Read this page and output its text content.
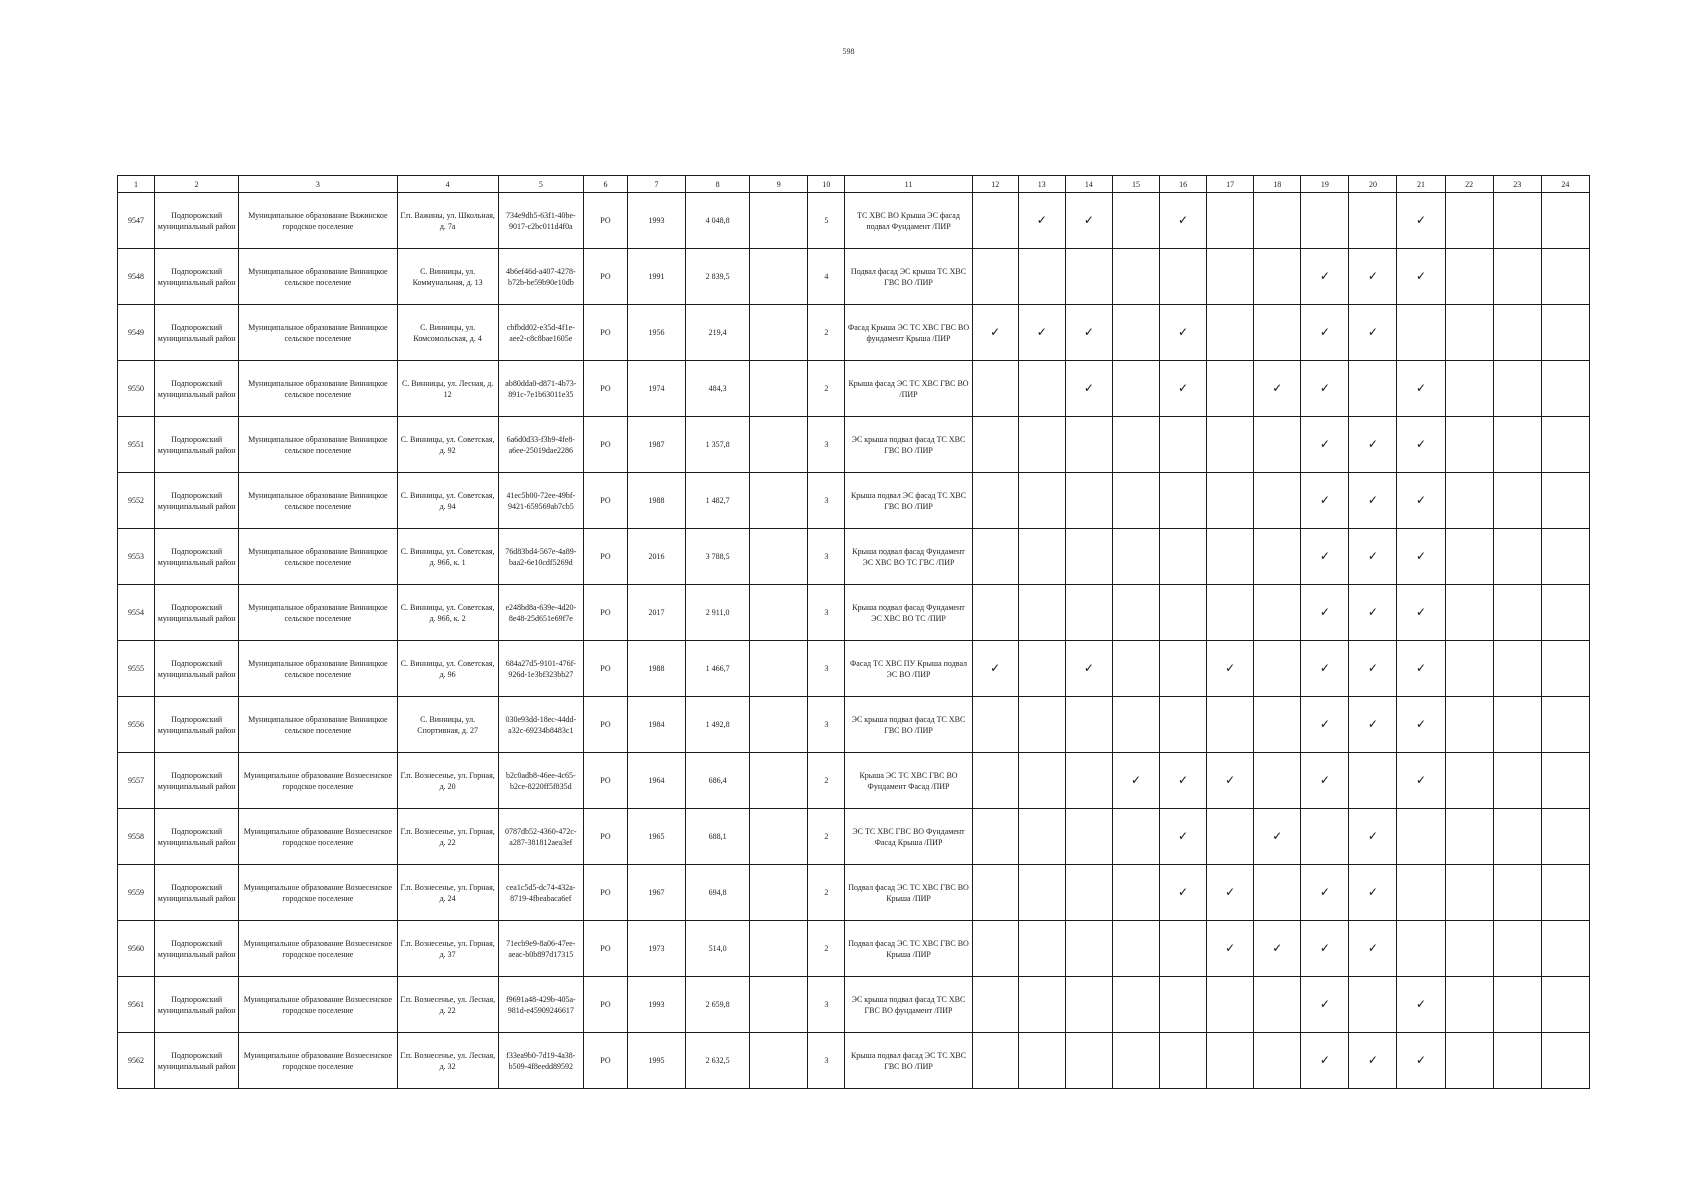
598
1	2	3	4	5	6	7	8	9	10	11	12	13	14	15	16	17	18	19	20	21	22	23	24
9547	Подпорожский муниципальный район	Муниципальное образование Важинское городское поселение	Г.п. Важины, ул. Школьная, д. 7а	734e9db5-63f1-40be-9017-c2bc011d4f0a	РО	1993	4 048,8		5	ТС ХВС ВО Крыша ЭС фасад подвал Фундамент /ПИР		✓	✓		✓					✓			
9548	Подпорожский муниципальный район	Муниципальное образование Винницкое сельское поселение	С. Винницы, ул. Коммунальная, д. 13	4b6ef46d-a407-4278-b72b-be59b90e10db	РО	1991	2 839,5		4	Подвал фасад ЭС крыша ТС ХВС ГВС ВО /ПИР								✓	✓	✓			
9549	Подпорожский муниципальный район	Муниципальное образование Винницкое сельское поселение	С. Винницы, ул. Комсомольская, д. 4	cbfbdd02-e35d-4f1e-aee2-c8c8bae1605e	РО	1956	219,4		2	Фасад Крыша ЭС ТС ХВС ГВС ВО фундамент Крыша /ПИР	✓	✓	✓		✓			✓	✓				
9550	Подпорожский муниципальный район	Муниципальное образование Винницкое сельское поселение	С. Винницы, ул. Лесная, д. 12	ab80dda0-d871-4b73-891c-7e1b63011e35	РО	1974	484,3		2	Крыша фасад ЭС ТС ХВС ГВС ВО /ПИР			✓		✓		✓	✓		✓			
9551	Подпорожский муниципальный район	Муниципальное образование Винницкое сельское поселение	С. Винницы, ул. Советская, д. 92	6a6d0d33-f3b9-4fe8-a6ee-25019dae2286	РО	1987	1 357,8		3	ЭС крыша подвал фасад ТС ХВС ГВС ВО /ПИР								✓	✓	✓			
9552	Подпорожский муниципальный район	Муниципальное образование Винницкое сельское поселение	С. Винницы, ул. Советская, д. 94	41ec5b00-72ee-49bf-9421-659569ab7cb5	РО	1988	1 482,7		3	Крыша подвал ЭС фасад ТС ХВС ГВС ВО /ПИР								✓	✓	✓			
9553	Подпорожский муниципальный район	Муниципальное образование Винницкое сельское поселение	С. Винницы, ул. Советская, д. 96б, к. 1	76d83bd4-567e-4a89-baa2-6e10cdf5269d	РО	2016	3 788,5		3	Крыша подвал фасад Фундамент ЭС ХВС ВО ТС ГВС /ПИР								✓	✓	✓			
9554	Подпорожский муниципальный район	Муниципальное образование Винницкое сельское поселение	С. Винницы, ул. Советская, д. 96б, к. 2	e248bd8a-639e-4d20-8e48-25d651e69f7e	РО	2017	2 911,0		3	Крыша подвал фасад Фундамент ЭС ХВС ВО ТС /ПИР								✓	✓	✓			
9555	Подпорожский муниципальный район	Муниципальное образование Винницкое сельское поселение	С. Винницы, ул. Советская, д. 96	684a27d5-9101-476f-926d-1e3bf323bb27	РО	1988	1 466,7		3	Фасад ТС ХВС ПУ Крыша подвал ЭС ВО /ПИР	✓		✓			✓		✓	✓	✓			
9556	Подпорожский муниципальный район	Муниципальное образование Винницкое сельское поселение	С. Винницы, ул. Спортивная, д. 27	030e93dd-18ec-44dd-a32c-69234b8483c1	РО	1984	1 492,8		3	ЭС крыша подвал фасад ТС ХВС ГВС ВО /ПИР								✓	✓	✓			
9557	Подпорожский муниципальный район	Муниципальное образование Вознесенское городское поселение	Г.п. Вознесенье, ул. Горная, д. 20	b2c0adb8-46ee-4c65-b2ce-8220ff5f835d	РО	1964	686,4		2	Крыша ЭС ТС ХВС ГВС ВО Фундамент Фасад /ПИР				✓	✓	✓		✓		✓			
9558	Подпорожский муниципальный район	Муниципальное образование Вознесенское городское поселение	Г.п. Вознесенье, ул. Горная, д. 22	0787db52-4360-472c-a287-381812aea3ef	РО	1965	688,1		2	ЭС ТС ХВС ГВС ВО Фундамент Фасад Крыша /ПИР					✓		✓		✓				
9559	Подпорожский муниципальный район	Муниципальное образование Вознесенское городское поселение	Г.п. Вознесенье, ул. Горная, д. 24	cea1c5d5-dc74-432a-8719-4fbeabaca6ef	РО	1967	694,8		2	Подвал фасад ЭС ТС ХВС ГВС ВО Крыша /ПИР					✓	✓		✓	✓				
9560	Подпорожский муниципальный район	Муниципальное образование Вознесенское городское поселение	Г.п. Вознесенье, ул. Горная, д. 37	71ecb9e9-8a06-47ee-aeac-b0b897d17315	РО	1973	514,0		2	Подвал фасад ЭС ТС ХВС ГВС ВО Крыша /ПИР						✓	✓	✓	✓				
9561	Подпорожский муниципальный район	Муниципальное образование Вознесенское городское поселение	Г.п. Вознесенье, ул. Лесная, д. 22	f9691a48-429b-405a-981d-e45909246617	РО	1993	2 659,8		3	ЭС крыша подвал фасад ТС ХВС ГВС ВО фундамент /ПИР								✓		✓			
9562	Подпорожский муниципальный район	Муниципальное образование Вознесенское городское поселение	Г.п. Вознесенье, ул. Лесная, д. 32	f33ea9b0-7d19-4a38-b509-4f8eedd89592	РО	1995	2 632,5		3	Крыша подвал фасад ЭС ТС ХВС ГВС ВО /ПИР								✓	✓	✓			
